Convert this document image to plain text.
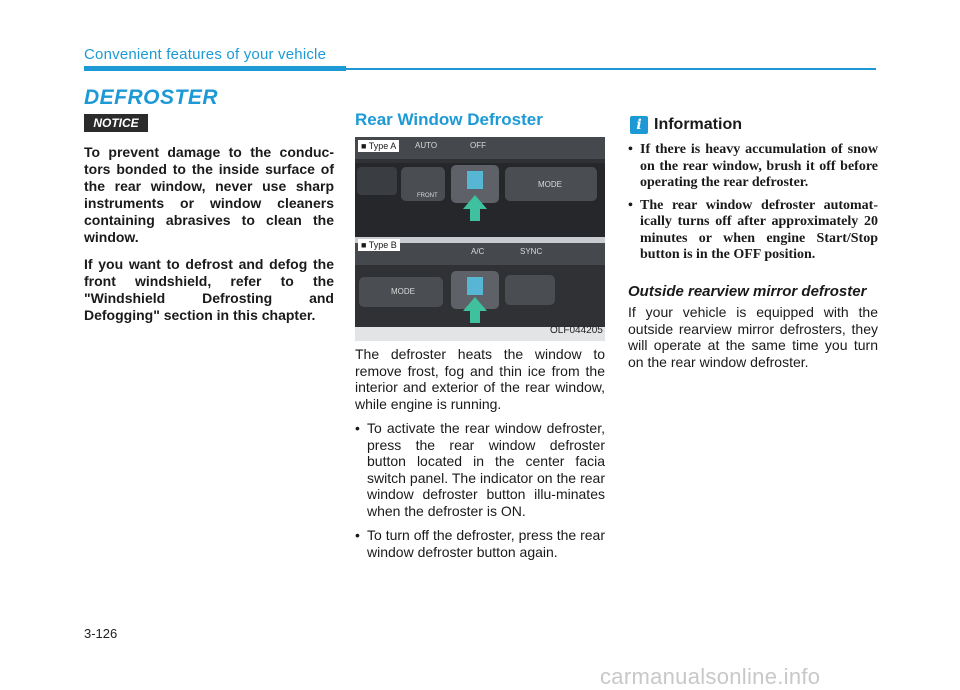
Convenient features of your vehicle
DEFROSTER
NOTICE

To prevent damage to the conduc-tors bonded to the inside surface of the rear window, never use sharp instruments or window cleaners containing abrasives to clean the window.

If you want to defrost and defog the front windshield, refer to the "Windshield Defrosting and Defogging" section in this chapter.

Rear Window Defroster
■ Type A
■ Type B
AUTO	OFF
FRONT
MODE
A/C	SYNC
MODE
OLF044205

The defroster heats the window to remove frost, fog and thin ice from the interior and exterior of the rear window, while engine is running.

• To activate the rear window defroster, press the rear window defroster button located in the center facia switch panel. The indicator on the rear window defroster button illu-minates when the defroster is ON.
• To turn off the defroster, press the rear window defroster button again.
i Information
• If there is heavy accumulation of snow on the rear window, brush it off before operating the rear defroster.
• The rear window defroster automat-ically turns off after approximately 20 minutes or when engine Start/Stop button is in the OFF position.
Outside rearview mirror defroster
If your vehicle is equipped with the outside rearview mirror defrosters, they will operate at the same time you turn on the rear window defroster.
3-126
carmanualsonline.info
